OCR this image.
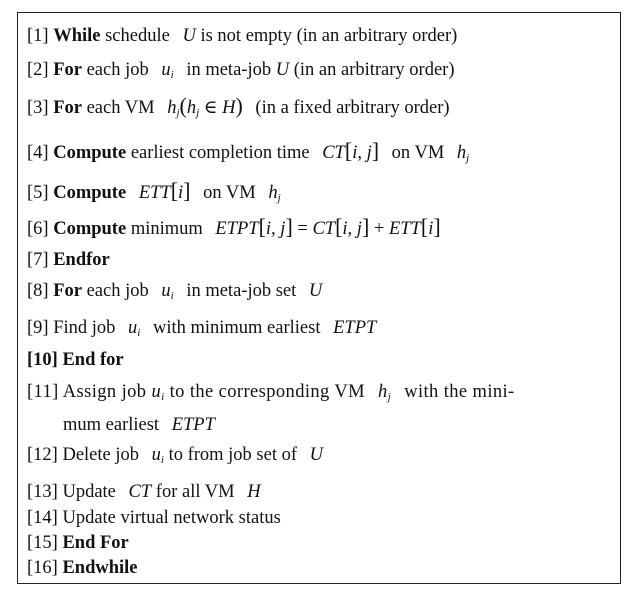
[1] While schedule U is not empty (in an arbitrary order)
[2] For each job $u_i$ in meta-job U (in an arbitrary order)
[3] For each VM $h_j(h_j$ ∈ H) (in a fixed arbitrary order)
[4] Compute earliest completion time CT[i, j] on VM $h_j$
[5] Compute ETT[i] on VM $h_j$
[6] Compute minimum ETPT[i, j] = CT[i, j] + ETT[i]
[7] Endfor
[8] For each job $u_i$ in meta-job set U
[9] Find job $u_i$ with minimum earliest ETPT
[10] End for
[11] Assign job $u_i$ to the corresponding VM $h_j$ with the mini-
mum earliest ETPT
[12] Delete job $u_i$ to from job set of U
[13] Update CT for all VM H
[14] Update virtual network status
[15] End For
[16] Endwhile
